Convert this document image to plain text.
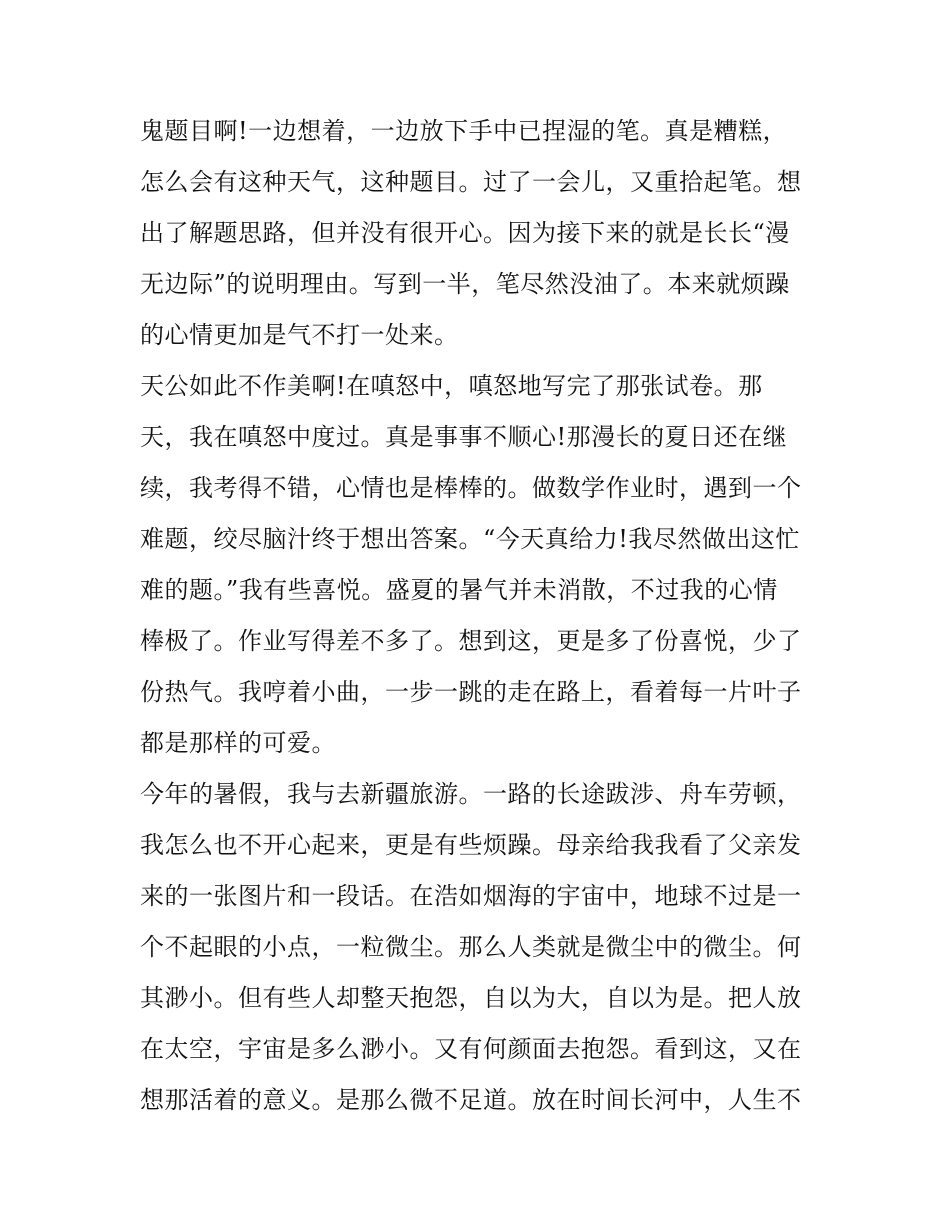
鬼题目啊!一边想着，一边放下手中已捏湿的笔。真是糟糕，
怎么会有这种天气，这种题目。过了一会儿，又重拾起笔。想
出了解题思路，但并没有很开心。因为接下来的就是长长“漫
无边际”的说明理由。写到一半，笔尽然没油了。本来就烦躁
的心情更加是气不打一处来。
天公如此不作美啊!在嗔怒中，嗔怒地写完了那张试卷。那
天，我在嗔怒中度过。真是事事不顺心!那漫长的夏日还在继
续，我考得不错，心情也是棒棒的。做数学作业时，遇到一个
难题，绞尽脑汁终于想出答案。“今天真给力!我尽然做出这忙
难的题。”我有些喜悦。盛夏的暑气并未消散，不过我的心情
棒极了。作业写得差不多了。想到这，更是多了份喜悦，少了
份热气。我哼着小曲，一步一跳的走在路上，看着每一片叶子
都是那样的可爱。
今年的暑假，我与去新疆旅游。一路的长途跋涉、舟车劳顿，
我怎么也不开心起来，更是有些烦躁。母亲给我我看了父亲发
来的一张图片和一段话。在浩如烟海的宇宙中，地球不过是一
个不起眼的小点，一粒微尘。那么人类就是微尘中的微尘。何
其渺小。但有些人却整天抱怨，自以为大，自以为是。把人放
在太空，宇宙是多么渺小。又有何颜面去抱怨。看到这，又在
想那活着的意义。是那么微不足道。放在时间长河中，人生不
